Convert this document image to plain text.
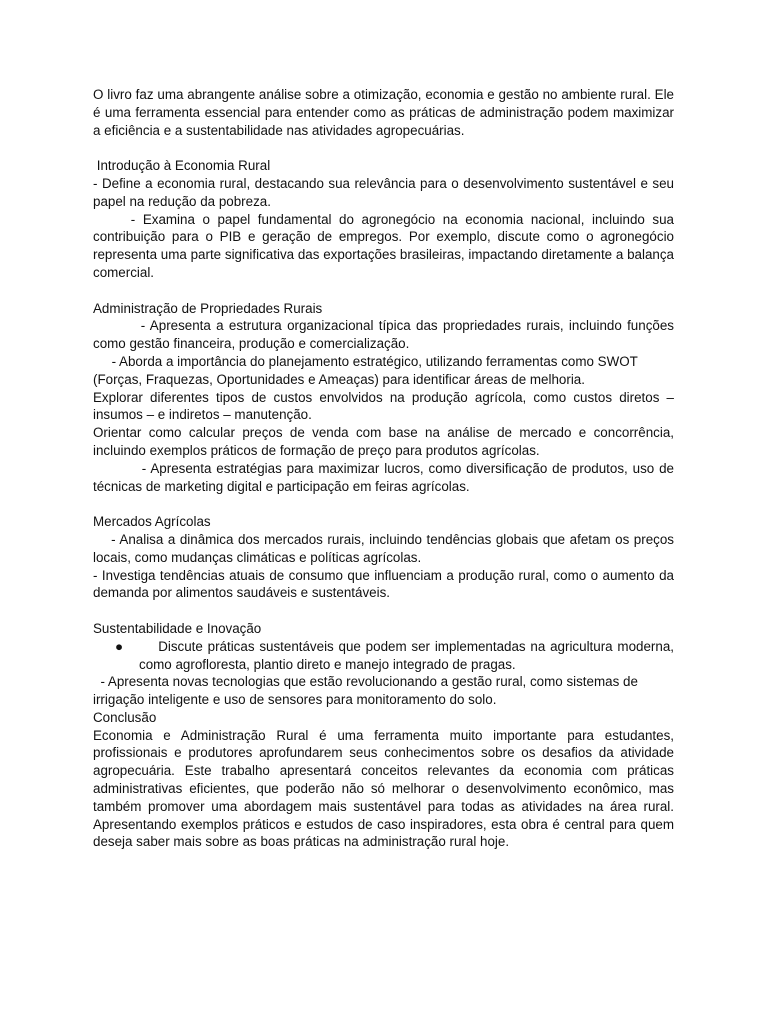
O livro faz uma abrangente análise sobre a otimização, economia e gestão no ambiente rural. Ele é uma ferramenta essencial para entender como as práticas de administração podem maximizar a eficiência e a sustentabilidade nas atividades agropecuárias.

Introdução à Economia Rural

- Define a economia rural, destacando sua relevância para o desenvolvimento sustentável e seu papel na redução da pobreza.

- Examina o papel fundamental do agronegócio na economia nacional, incluindo sua contribuição para o PIB e geração de empregos. Por exemplo, discute como o agronegócio representa uma parte significativa das exportações brasileiras, impactando diretamente a balança comercial.

Administração de Propriedades Rurais

- Apresenta a estrutura organizacional típica das propriedades rurais, incluindo funções como gestão financeira, produção e comercialização.

- Aborda a importância do planejamento estratégico, utilizando ferramentas como SWOT (Forças, Fraquezas, Oportunidades e Ameaças) para identificar áreas de melhoria.

Explorar diferentes tipos de custos envolvidos na produção agrícola, como custos diretos – insumos – e indiretos – manutenção.

Orientar como calcular preços de venda com base na análise de mercado e concorrência, incluindo exemplos práticos de formação de preço para produtos agrícolas.

- Apresenta estratégias para maximizar lucros, como diversificação de produtos, uso de técnicas de marketing digital e participação em feiras agrícolas.

Mercados Agrícolas

- Analisa a dinâmica dos mercados rurais, incluindo tendências globais que afetam os preços locais, como mudanças climáticas e políticas agrícolas.

- Investiga tendências atuais de consumo que influenciam a produção rural, como o aumento da demanda por alimentos saudáveis e sustentáveis.

Sustentabilidade e Inovação

●	Discute práticas sustentáveis que podem ser implementadas na agricultura moderna, como agrofloresta, plantio direto e manejo integrado de pragas.

- Apresenta novas tecnologias que estão revolucionando a gestão rural, como sistemas de irrigação inteligente e uso de sensores para monitoramento do solo.

Conclusão

Economia e Administração Rural é uma ferramenta muito importante para estudantes, profissionais e produtores aprofundarem seus conhecimentos sobre os desafios da atividade agropecuária. Este trabalho apresentará conceitos relevantes da economia com práticas administrativas eficientes, que poderão não só melhorar o desenvolvimento econômico, mas também promover uma abordagem mais sustentável para todas as atividades na área rural. Apresentando exemplos práticos e estudos de caso inspiradores, esta obra é central para quem deseja saber mais sobre as boas práticas na administração rural hoje.
